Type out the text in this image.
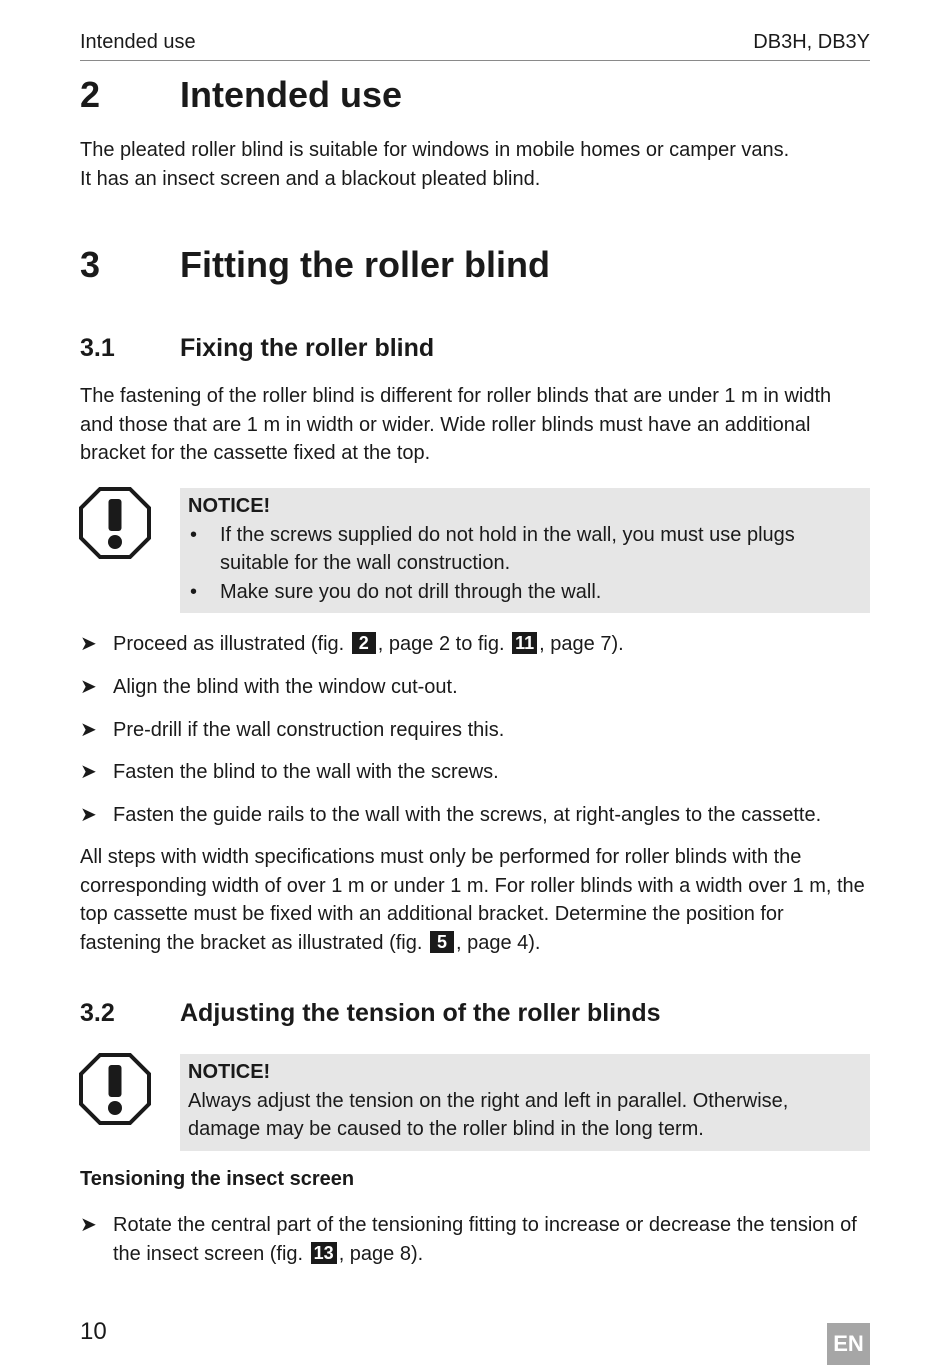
Intended use	DB3H, DB3Y
2 Intended use
The pleated roller blind is suitable for windows in mobile homes or camper vans.
It has an insect screen and a blackout pleated blind.
3 Fitting the roller blind
3.1	Fixing the roller blind

The fastening of the roller blind is different for roller blinds that are under 1 m in width and those that are 1 m in width or wider. Wide roller blinds must have an additional bracket for the cassette fixed at the top.

NOTICE!
• If the screws supplied do not hold in the wall, you must use plugs suitable for the wall construction.
• Make sure you do not drill through the wall.
➤ Proceed as illustrated (fig. 2 , page 2 to fig. 11 , page 7).
➤ Align the blind with the window cut-out.
➤ Pre-drill if the wall construction requires this.
➤ Fasten the blind to the wall with the screws.
➤ Fasten the guide rails to the wall with the screws, at right-angles to the cassette.

All steps with width specifications must only be performed for roller blinds with the corresponding width of over 1 m or under 1 m. For roller blinds with a width over 1 m, the top cassette must be fixed with an additional bracket. Determine the position for fastening the bracket as illustrated (fig. 5 , page 4).

3.2	Adjusting the tension of the roller blinds
NOTICE!
Always adjust the tension on the right and left in parallel. Otherwise, damage may be caused to the roller blind in the long term.
Tensioning the insect screen
➤ Rotate the central part of the tensioning fitting to increase or decrease the tension of the insect screen (fig. 13 , page 8).
10	EN
